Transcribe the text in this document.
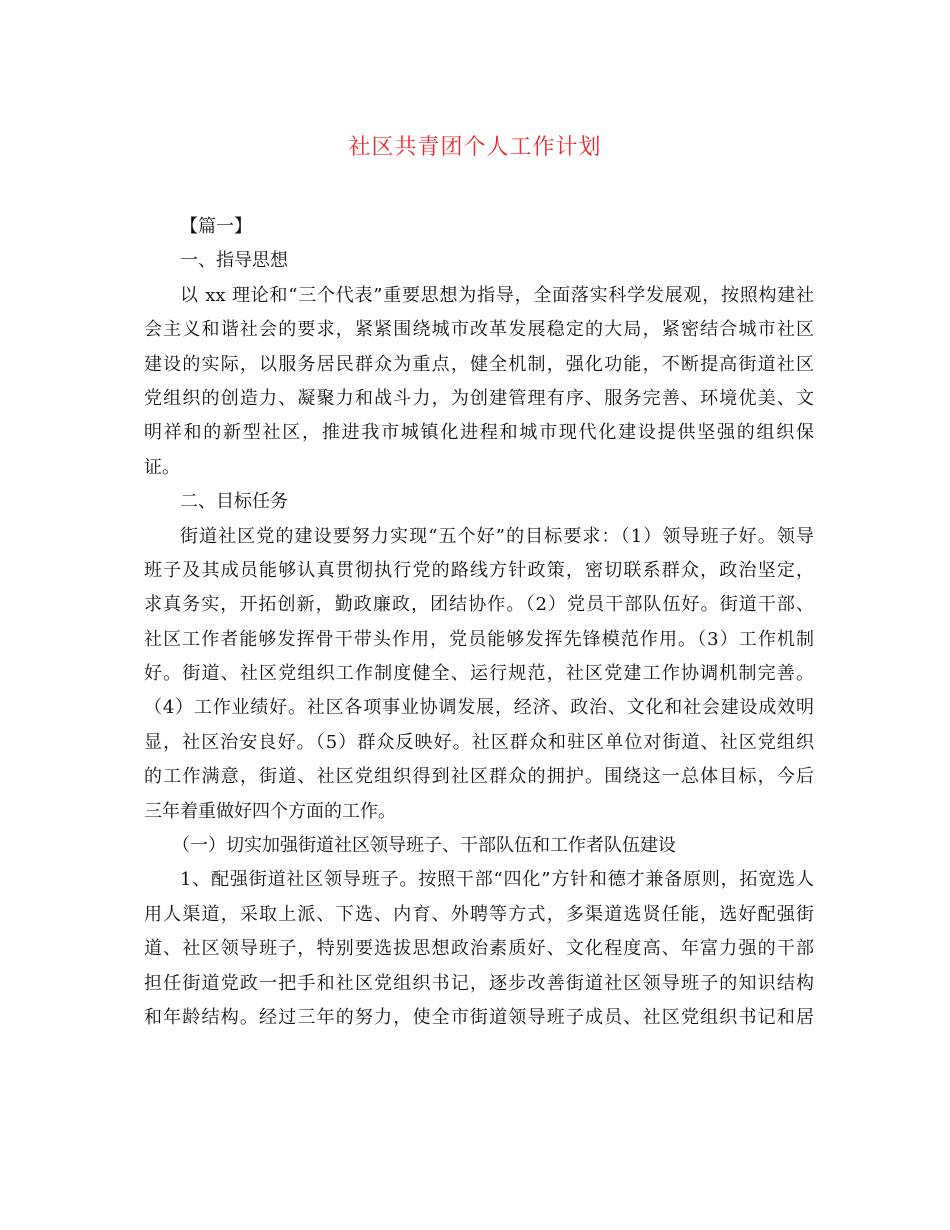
社区共青团个人工作计划
【篇一】
一、指导思想
以 xx 理论和“三个代表”重要思想为指导，全面落实科学发展观，按照构建社
会主义和谐社会的要求，紧紧围绕城市改革发展稳定的大局，紧密结合城市社区
建设的实际，以服务居民群众为重点，健全机制，强化功能，不断提高街道社区
党组织的创造力、凝聚力和战斗力，为创建管理有序、服务完善、环境优美、文
明祥和的新型社区，推进我市城镇化进程和城市现代化建设提供坚强的组织保
证。
二、目标任务
街道社区党的建设要努力实现“五个好”的目标要求：（1）领导班子好。领导
班子及其成员能够认真贯彻执行党的路线方针政策，密切联系群众，政治坚定，
求真务实，开拓创新，勤政廉政，团结协作。（2）党员干部队伍好。街道干部、
社区工作者能够发挥骨干带头作用，党员能够发挥先锋模范作用。（3）工作机制
好。街道、社区党组织工作制度健全、运行规范，社区党建工作协调机制完善。
（4）工作业绩好。社区各项事业协调发展，经济、政治、文化和社会建设成效明
显，社区治安良好。（5）群众反映好。社区群众和驻区单位对街道、社区党组织
的工作满意，街道、社区党组织得到社区群众的拥护。围绕这一总体目标，今后
三年着重做好四个方面的工作。
（一）切实加强街道社区领导班子、干部队伍和工作者队伍建设
1、配强街道社区领导班子。按照干部“四化”方针和德才兼备原则，拓宽选人
用人渠道，采取上派、下选、内育、外聘等方式，多渠道选贤任能，选好配强街
道、社区领导班子，特别要选拔思想政治素质好、文化程度高、年富力强的干部
担任街道党政一把手和社区党组织书记，逐步改善街道社区领导班子的知识结构
和年龄结构。经过三年的努力，使全市街道领导班子成员、社区党组织书记和居
